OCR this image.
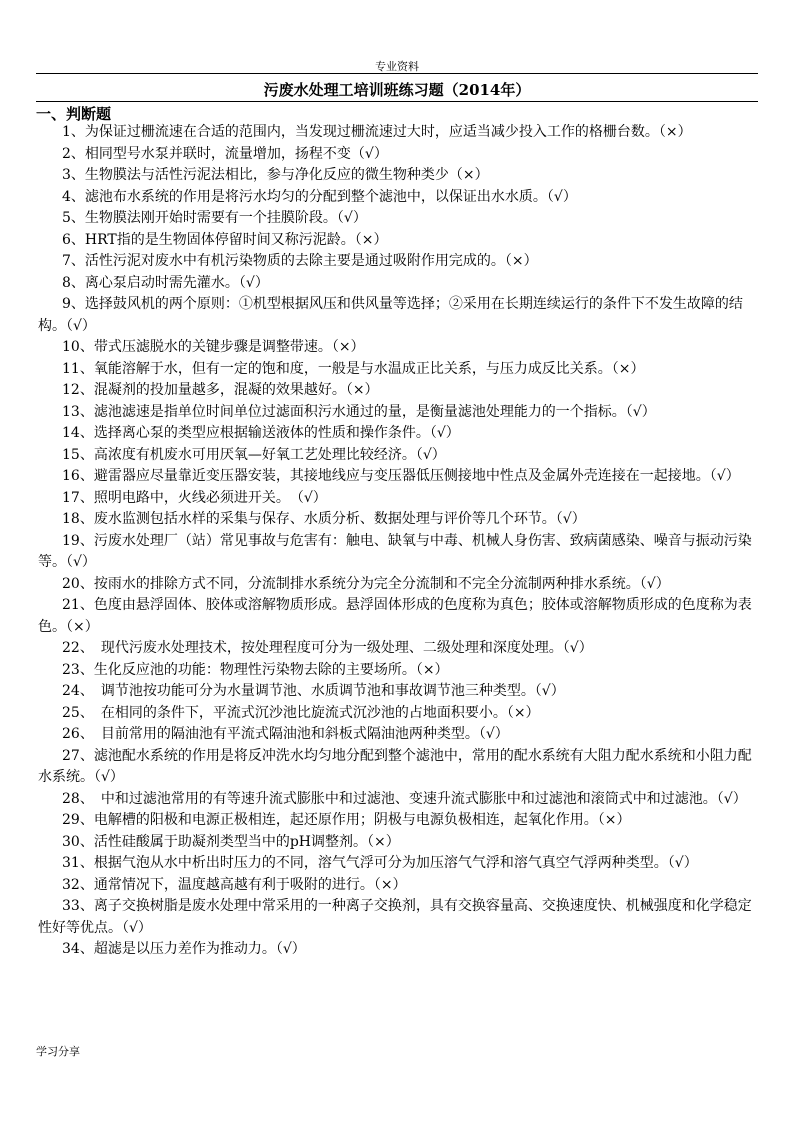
专业资料
污废水处理工培训班练习题（2014年）
一、判断题

1、为保证过栅流速在合适的范围内，当发现过栅流速过大时，应适当减少投入工作的格栅台数。（×）

2、相同型号水泵并联时，流量增加，扬程不变（√）

3、生物膜法与活性污泥法相比，参与净化反应的微生物种类少（×）

4、滤池布水系统的作用是将污水均匀的分配到整个滤池中，以保证出水水质。（√）

5、生物膜法刚开始时需要有一个挂膜阶段。（√）

6、HRT指的是生物固体停留时间又称污泥龄。（×）

7、活性污泥对废水中有机污染物质的去除主要是通过吸附作用完成的。（×）

8、离心泵启动时需先灌水。（√）

9、选择鼓风机的两个原则：①机型根据风压和供风量等选择；②采用在长期连续运行的条件下不发生故障的结构。（√）

10、带式压滤脱水的关键步骤是调整带速。（×）

11、氧能溶解于水，但有一定的饱和度，一般是与水温成正比关系，与压力成反比关系。（×）

12、混凝剂的投加量越多，混凝的效果越好。（×）

13、滤池滤速是指单位时间单位过滤面积污水通过的量，是衡量滤池处理能力的一个指标。（√）

14、选择离心泵的类型应根据输送液体的性质和操作条件。（√）

15、高浓度有机废水可用厌氧—好氧工艺处理比较经济。（√）

16、避雷器应尽量靠近变压器安装，其接地线应与变压器低压侧接地中性点及金属外壳连接在一起接地。（√）

17、照明电路中，火线必须进开关。　（√）

18、废水监测包括水样的采集与保存、水质分析、数据处理与评价等几个环节。（√）

19、污废水处理厂（站）常见事故与危害有：触电、缺氧与中毒、机械人身伤害、致病菌感染、噪音与振动污染等。（√）

20、按雨水的排除方式不同，分流制排水系统分为完全分流制和不完全分流制两种排水系统。（√）

21、色度由悬浮固体、胶体或溶解物质形成。悬浮固体形成的色度称为真色；胶体或溶解物质形成的色度称为表色。（×）

22、　现代污废水处理技术，按处理程度可分为一级处理、二级处理和深度处理。（√）

23、生化反应池的功能：物理性污染物去除的主要场所。（×）

24、　调节池按功能可分为水量调节池、水质调节池和事故调节池三种类型。（√）

25、　在相同的条件下，平流式沉沙池比旋流式沉沙池的占地面积要小。（×）

26、　目前常用的隔油池有平流式隔油池和斜板式隔油池两种类型。（√）

27、滤池配水系统的作用是将反冲洗水均匀地分配到整个滤池中，常用的配水系统有大阻力配水系统和小阻力配水系统。（√）

28、　中和过滤池常用的有等速升流式膨胀中和过滤池、变速升流式膨胀中和过滤池和滚筒式中和过滤池。（√）

29、电解槽的阳极和电源正极相连，起还原作用；阴极与电源负极相连，起氧化作用。（×）

30、活性硅酸属于助凝剂类型当中的pH调整剂。（×）

31、根据气泡从水中析出时压力的不同，溶气气浮可分为加压溶气气浮和溶气真空气浮两种类型。（√）

32、通常情况下，温度越高越有利于吸附的进行。（×）

33、离子交换树脂是废水处理中常采用的一种离子交换剂，具有交换容量高、交换速度快、机械强度和化学稳定性好等优点。（√）

34、超滤是以压力差作为推动力。（√）

学习分享
